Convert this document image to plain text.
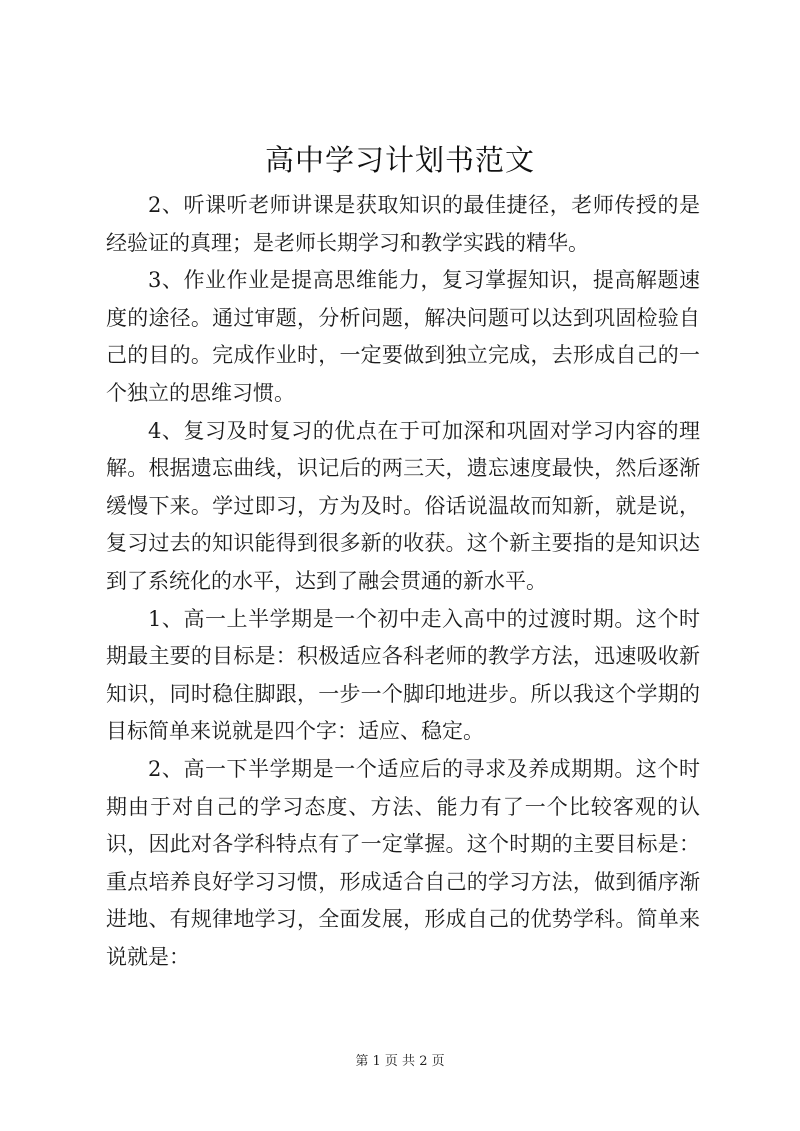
高中学习计划书范文

2、听课听老师讲课是获取知识的最佳捷径，老师传授的是经验证的真理；是老师长期学习和教学实践的精华。

3、作业作业是提高思维能力，复习掌握知识，提高解题速度的途径。通过审题，分析问题，解决问题可以达到巩固检验自己的目的。完成作业时，一定要做到独立完成，去形成自己的一个独立的思维习惯。

4、复习及时复习的优点在于可加深和巩固对学习内容的理解。根据遗忘曲线，识记后的两三天，遗忘速度最快，然后逐渐缓慢下来。学过即习，方为及时。俗话说温故而知新，就是说，复习过去的知识能得到很多新的收获。这个新主要指的是知识达到了系统化的水平，达到了融会贯通的新水平。

1、高一上半学期是一个初中走入高中的过渡时期。这个时期最主要的目标是：积极适应各科老师的教学方法，迅速吸收新知识，同时稳住脚跟，一步一个脚印地进步。所以我这个学期的目标简单来说就是四个字：适应、稳定。

2、高一下半学期是一个适应后的寻求及养成期期。这个时期由于对自己的学习态度、方法、能力有了一个比较客观的认识，因此对各学科特点有了一定掌握。这个时期的主要目标是：重点培养良好学习习惯，形成适合自己的学习方法，做到循序渐进地、有规律地学习，全面发展，形成自己的优势学科。简单来说就是：

第 1 页 共 2 页
